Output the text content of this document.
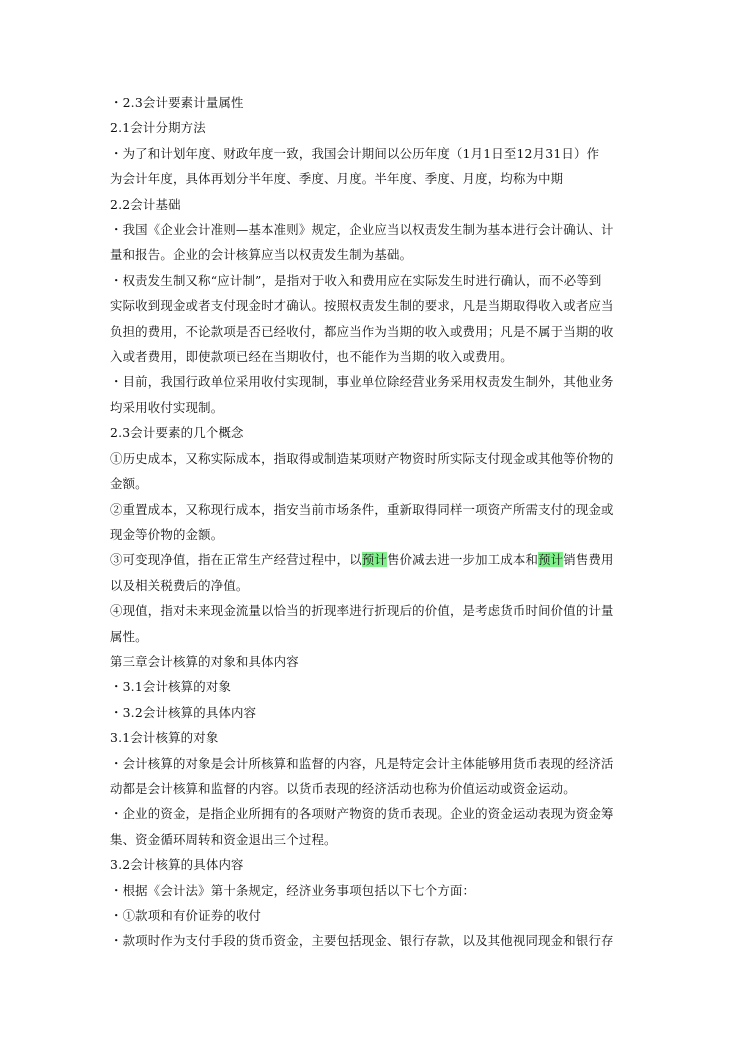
・2.3会计要素计量属性

2.1会计分期方法

・为了和计划年度、财政年度一致，我国会计期间以公历年度（1月1日至12月31日）作

为会计年度，具体再划分半年度、季度、月度。半年度、季度、月度，均称为中期

2.2会计基础

・我国《企业会计准则—基本准则》规定，企业应当以权责发生制为基本进行会计确认、计

量和报告。企业的会计核算应当以权责发生制为基础。

・权责发生制又称“应计制”，是指对于收入和费用应在实际发生时进行确认，而不必等到

实际收到现金或者支付现金时才确认。按照权责发生制的要求，凡是当期取得收入或者应当

负担的费用，不论款项是否已经收付，都应当作为当期的收入或费用；凡是不属于当期的收

入或者费用，即使款项已经在当期收付，也不能作为当期的收入或费用。

・目前，我国行政单位采用收付实现制，事业单位除经营业务采用权责发生制外，其他业务

均采用收付实现制。

2.3会计要素的几个概念

①历史成本，又称实际成本，指取得或制造某项财产物资时所实际支付现金或其他等价物的

金额。

②重置成本，又称现行成本，指安当前市场条件，重新取得同样一项资产所需支付的现金或

现金等价物的金额。

③可变现净值，指在正常生产经营过程中，以预计售价减去进一步加工成本和预计销售费用

以及相关税费后的净值。

④现值，指对未来现金流量以恰当的折现率进行折现后的价值，是考虑货币时间价值的计量

属性。

第三章会计核算的对象和具体内容

・3.1会计核算的对象

・3.2会计核算的具体内容

3.1会计核算的对象

・会计核算的对象是会计所核算和监督的内容，凡是特定会计主体能够用货币表现的经济活

动都是会计核算和监督的内容。以货币表现的经济活动也称为价值运动或资金运动。

・企业的资金，是指企业所拥有的各项财产物资的货币表现。企业的资金运动表现为资金筹

集、资金循环周转和资金退出三个过程。

3.2会计核算的具体内容

・根据《会计法》第十条规定，经济业务事项包括以下七个方面：

・①款项和有价证券的收付

・款项时作为支付手段的货币资金，主要包括现金、银行存款，以及其他视同现金和银行存
